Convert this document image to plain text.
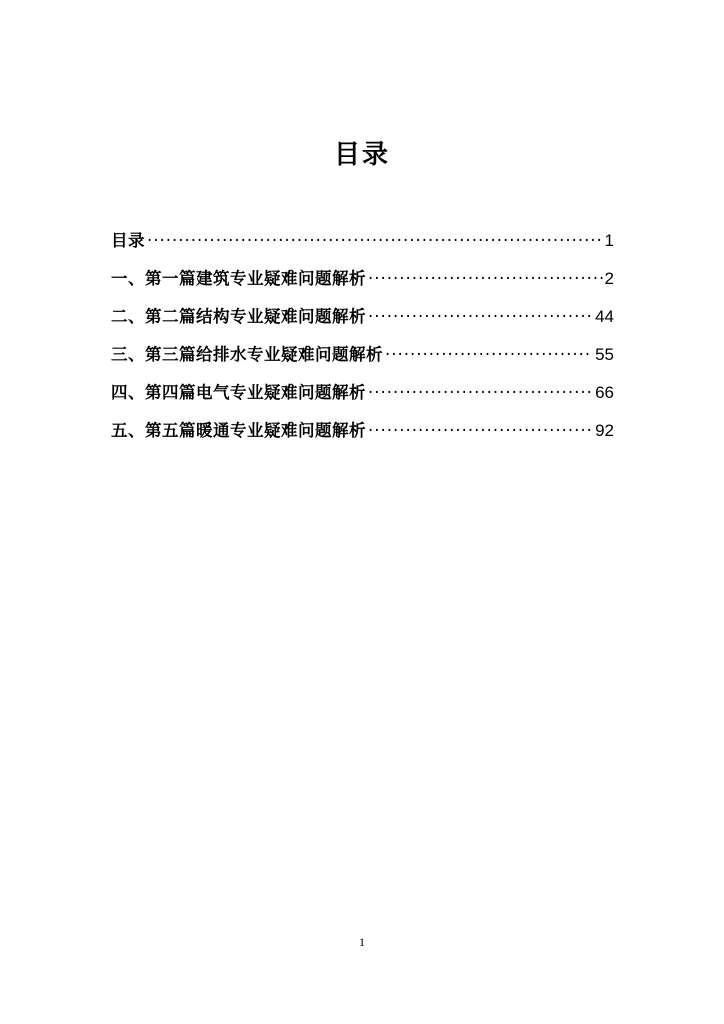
目录
目录 ·····	1
一、第一篇建筑专业疑难问题解析 ·····	2
二、第二篇结构专业疑难问题解析 ·····	44
三、第三篇给排水专业疑难问题解析 ·····	55
四、第四篇电气专业疑难问题解析 ·····	66
五、第五篇暖通专业疑难问题解析 ·····	92
1
